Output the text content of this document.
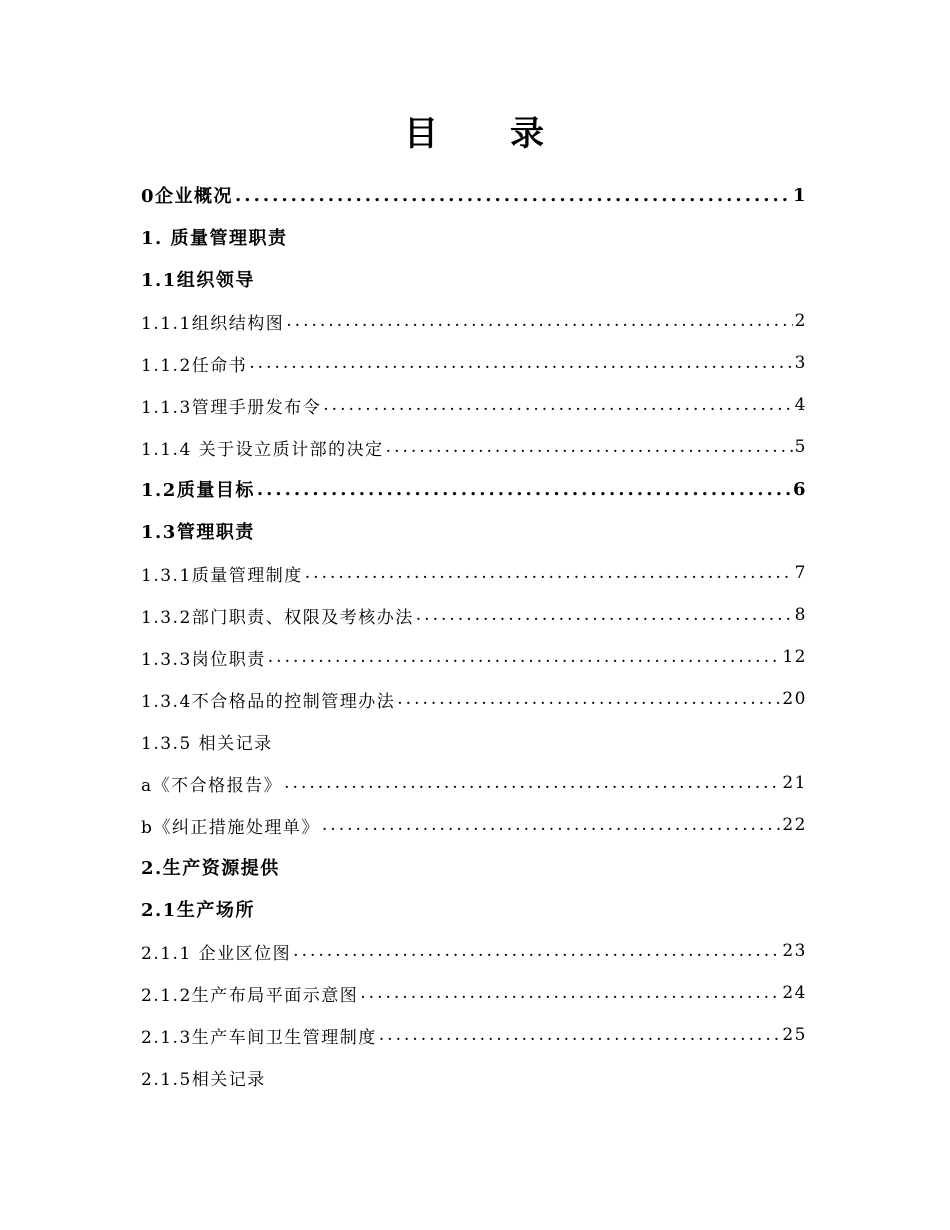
目 录
0企业概况 .....	1
1. 质量管理职责
1.1组织领导
1.1.1组织结构图 .....	2
1.1.2任命书 .....	3
1.1.3管理手册发布令 .....	4
1.1.4 关于设立质计部的决定 .....	5
1.2质量目标 .....	6
1.3管理职责
1.3.1质量管理制度 .....	7
1.3.2部门职责、权限及考核办法 .....	8
1.3.3岗位职责 .....	12
1.3.4不合格品的控制管理办法 .....	20
1.3.5 相关记录
a《不合格报告》 .....	21
b《纠正措施处理单》 .....	22
2.生产资源提供
2.1生产场所
2.1.1 企业区位图 .....	23
2.1.2生产布局平面示意图 .....	24
2.1.3生产车间卫生管理制度 .....	25
2.1.5相关记录
